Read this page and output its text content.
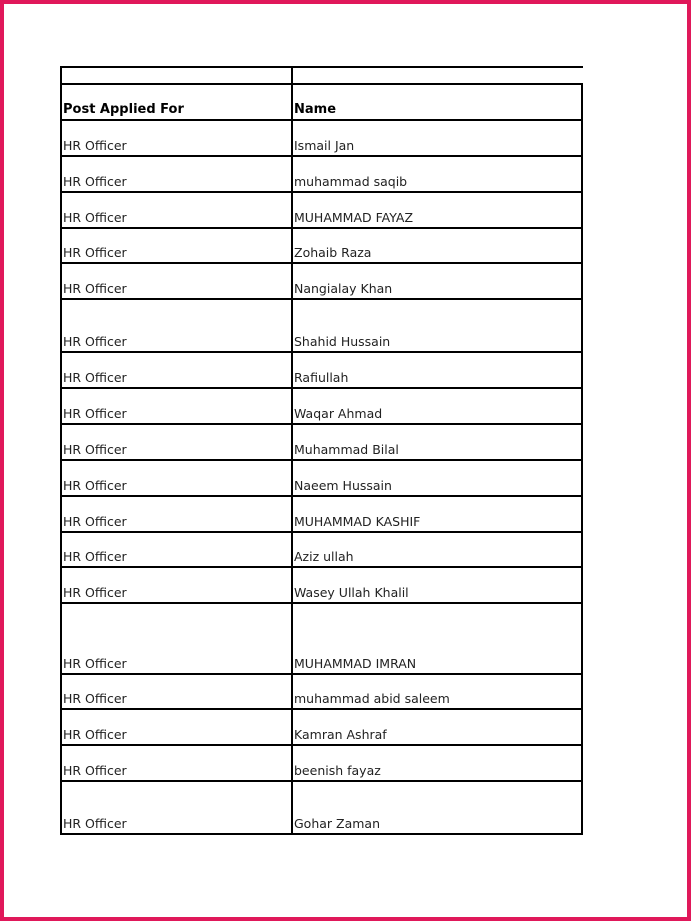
Post Applied For	Name
HR Officer	Ismail Jan
HR Officer	muhammad saqib
HR Officer	MUHAMMAD FAYAZ
HR Officer	Zohaib Raza
HR Officer	Nangialay Khan
HR Officer	Shahid Hussain
HR Officer	Rafiullah
HR Officer	Waqar Ahmad
HR Officer	Muhammad Bilal
HR Officer	Naeem Hussain
HR Officer	MUHAMMAD KASHIF
HR Officer	Aziz ullah
HR Officer	Wasey Ullah Khalil
HR Officer	MUHAMMAD IMRAN
HR Officer	muhammad abid saleem
HR Officer	Kamran Ashraf
HR Officer	beenish fayaz
HR Officer	Gohar Zaman
